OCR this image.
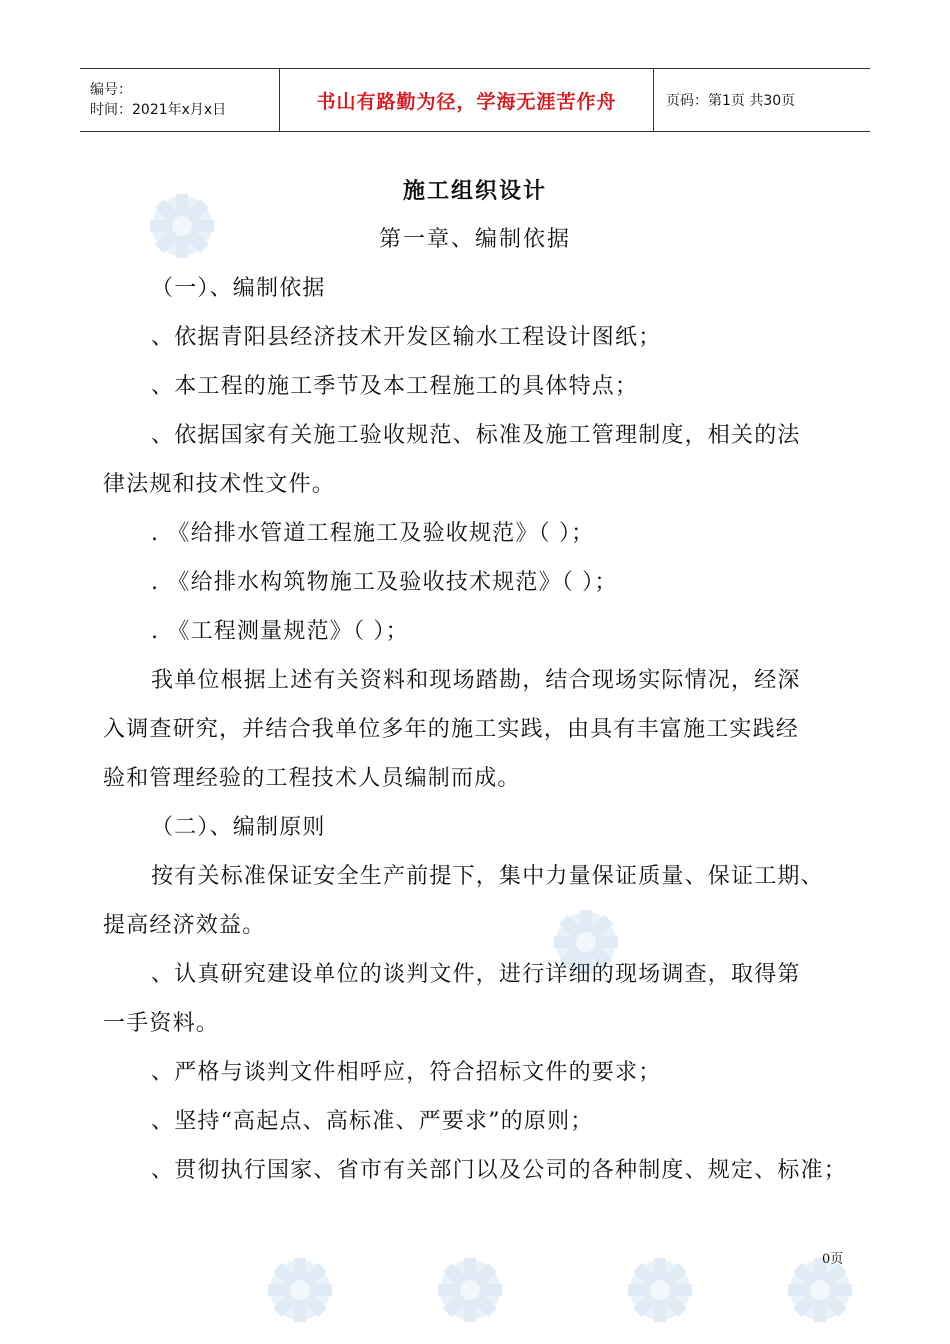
编号：
时间：2021年x月x日	书山有路勤为径，学海无涯苦作舟	页码：第1页 共30页
施工组织设计
第一章、编制依据
（一）、编制依据
、依据青阳县经济技术开发区输水工程设计图纸；
、本工程的施工季节及本工程施工的具体特点；
、依据国家有关施工验收规范、标准及施工管理制度，相关的法
律法规和技术性文件。
. 《给排水管道工程施工及验收规范》（ ）；
. 《给排水构筑物施工及验收技术规范》（ ）；
. 《工程测量规范》（ ）；
我单位根据上述有关资料和现场踏勘，结合现场实际情况，经深
入调查研究，并结合我单位多年的施工实践，由具有丰富施工实践经
验和管理经验的工程技术人员编制而成。
（二）、编制原则
按有关标准保证安全生产前提下，集中力量保证质量、保证工期、
提高经济效益。
、认真研究建设单位的谈判文件，进行详细的现场调查，取得第
一手资料。
、严格与谈判文件相呼应，符合招标文件的要求；
、坚持“高起点、高标准、严要求”的原则；
、贯彻执行国家、省市有关部门以及公司的各种制度、规定、标准；
0页
